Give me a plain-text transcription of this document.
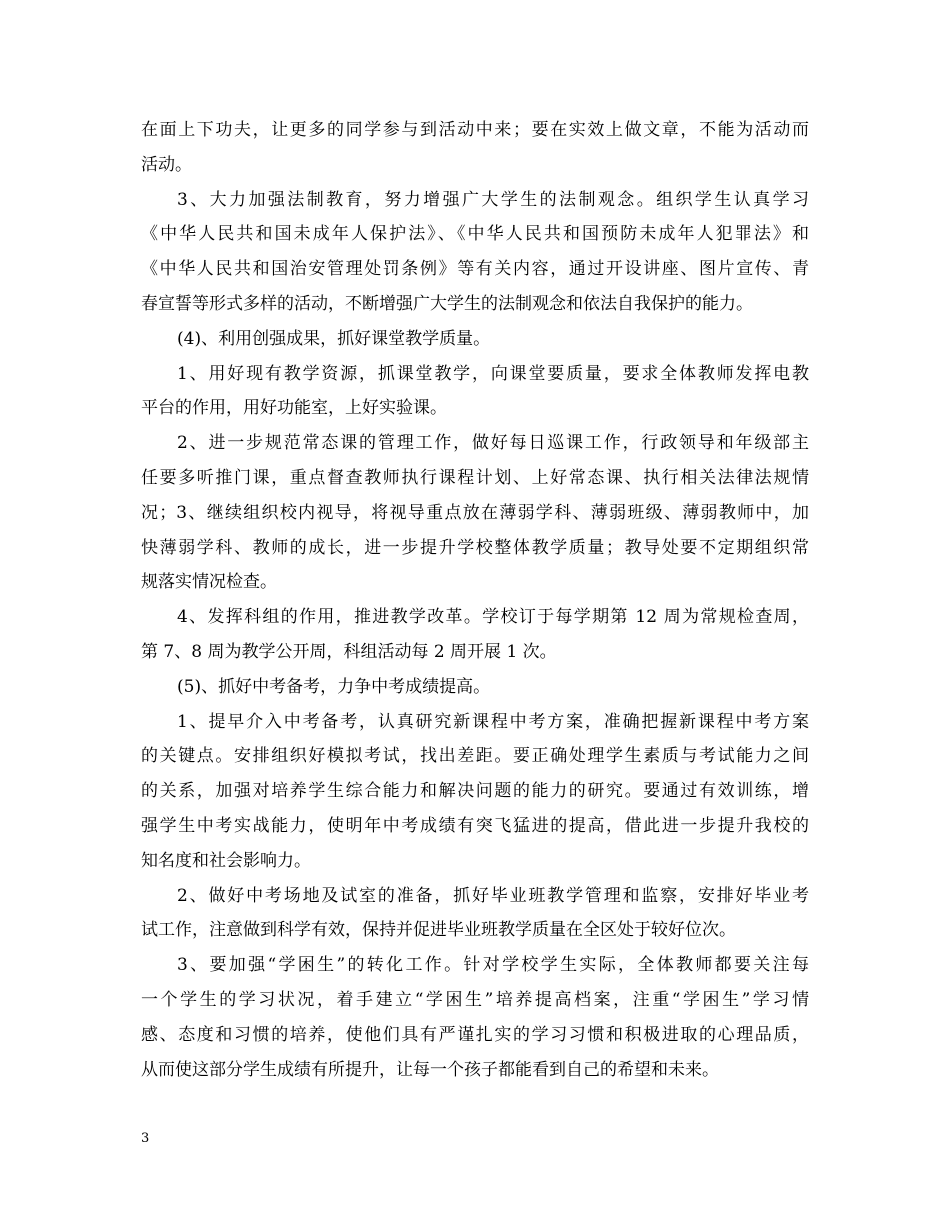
在面上下功夫，让更多的同学参与到活动中来；要在实效上做文章，不能为活动而
活动。
3、大力加强法制教育，努力增强广大学生的法制观念。组织学生认真学习
《中华人民共和国未成年人保护法》、《中华人民共和国预防未成年人犯罪法》和
《中华人民共和国治安管理处罚条例》等有关内容，通过开设讲座、图片宣传、青
春宣誓等形式多样的活动，不断增强广大学生的法制观念和依法自我保护的能力。
(4)、利用创强成果，抓好课堂教学质量。
1、用好现有教学资源，抓课堂教学，向课堂要质量，要求全体教师发挥电教
平台的作用，用好功能室，上好实验课。
2、进一步规范常态课的管理工作，做好每日巡课工作，行政领导和年级部主
任要多听推门课，重点督查教师执行课程计划、上好常态课、执行相关法律法规情
况；3、继续组织校内视导，将视导重点放在薄弱学科、薄弱班级、薄弱教师中，加
快薄弱学科、教师的成长，进一步提升学校整体教学质量；教导处要不定期组织常
规落实情况检查。
4、发挥科组的作用，推进教学改革。学校订于每学期第 12 周为常规检查周，
第 7、8 周为教学公开周，科组活动每 2 周开展 1 次。
(5)、抓好中考备考，力争中考成绩提高。
1、提早介入中考备考，认真研究新课程中考方案，准确把握新课程中考方案
的关键点。安排组织好模拟考试，找出差距。要正确处理学生素质与考试能力之间
的关系，加强对培养学生综合能力和解决问题的能力的研究。要通过有效训练，增
强学生中考实战能力，使明年中考成绩有突飞猛进的提高，借此进一步提升我校的
知名度和社会影响力。
2、做好中考场地及试室的准备，抓好毕业班教学管理和监察，安排好毕业考
试工作，注意做到科学有效，保持并促进毕业班教学质量在全区处于较好位次。
3、要加强“学困生”的转化工作。针对学校学生实际，全体教师都要关注每
一个学生的学习状况，着手建立“学困生”培养提高档案，注重“学困生”学习情
感、态度和习惯的培养，使他们具有严谨扎实的学习习惯和积极进取的心理品质，
从而使这部分学生成绩有所提升，让每一个孩子都能看到自己的希望和未来。
3
